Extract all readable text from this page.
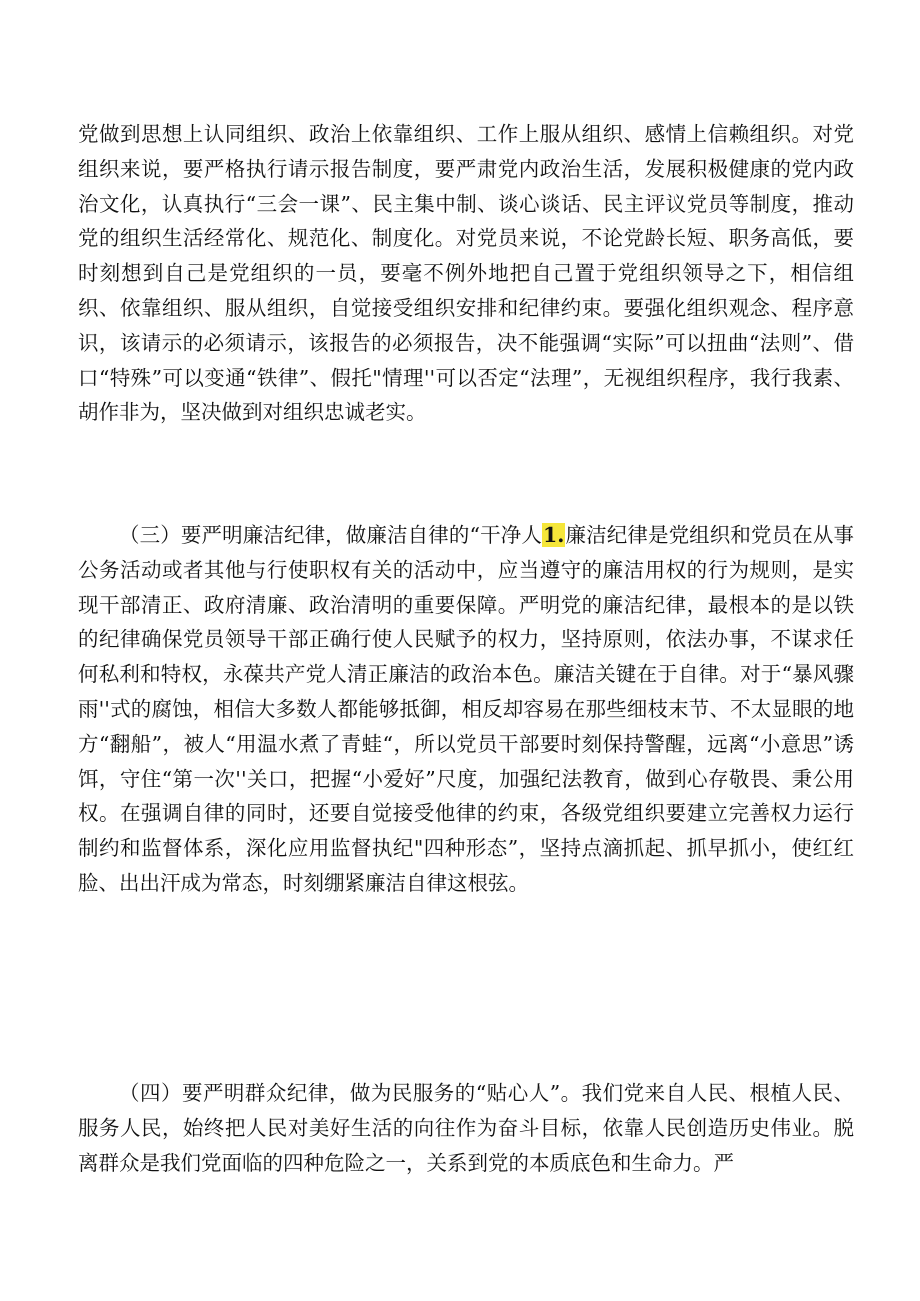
党做到思想上认同组织、政治上依靠组织、工作上服从组织、感情上信赖组织。对党组织来说，要严格执行请示报告制度，要严肃党内政治生活，发展积极健康的党内政治文化，认真执行“三会一课”、民主集中制、谈心谈话、民主评议党员等制度，推动党的组织生活经常化、规范化、制度化。对党员来说，不论党龄长短、职务高低，要时刻想到自己是党组织的一员，要毫不例外地把自己置于党组织领导之下，相信组织、依靠组织、服从组织，自觉接受组织安排和纪律约束。要强化组织观念、程序意识，该请示的必须请示，该报告的必须报告，决不能强调“实际”可以扭曲“法则”、借口“特殊”可以变通“铁律”、假托"情理''可以否定“法理”，无视组织程序，我行我素、胡作非为，坚决做到对组织忠诚老实。

（三）要严明廉洁纪律，做廉洁自律的“干净人1.廉洁纪律是党组织和党员在从事公务活动或者其他与行使职权有关的活动中，应当遵守的廉洁用权的行为规则，是实现干部清正、政府清廉、政治清明的重要保障。严明党的廉洁纪律，最根本的是以铁的纪律确保党员领导干部正确行使人民赋予的权力，坚持原则，依法办事，不谋求任何私利和特权，永葆共产党人清正廉洁的政治本色。廉洁关键在于自律。对于“暴风骤雨''式的腐蚀，相信大多数人都能够抵御，相反却容易在那些细枝末节、不太显眼的地方“翻船”，被人“用温水煮了青蛙“，所以党员干部要时刻保持警醒，远离“小意思”诱饵，守住“第一次''关口，把握“小爱好”尺度，加强纪法教育，做到心存敬畏、秉公用权。在强调自律的同时，还要自觉接受他律的约束，各级党组织要建立完善权力运行制约和监督体系，深化应用监督执纪"四种形态”，坚持点滴抓起、抓早抓小，使红红脸、出出汗成为常态，时刻绷紧廉洁自律这根弦。

（四）要严明群众纪律，做为民服务的“贴心人”。我们党来自人民、根植人民、服务人民，始终把人民对美好生活的向往作为奋斗目标，依靠人民创造历史伟业。脱离群众是我们党面临的四种危险之一，关系到党的本质底色和生命力。严
